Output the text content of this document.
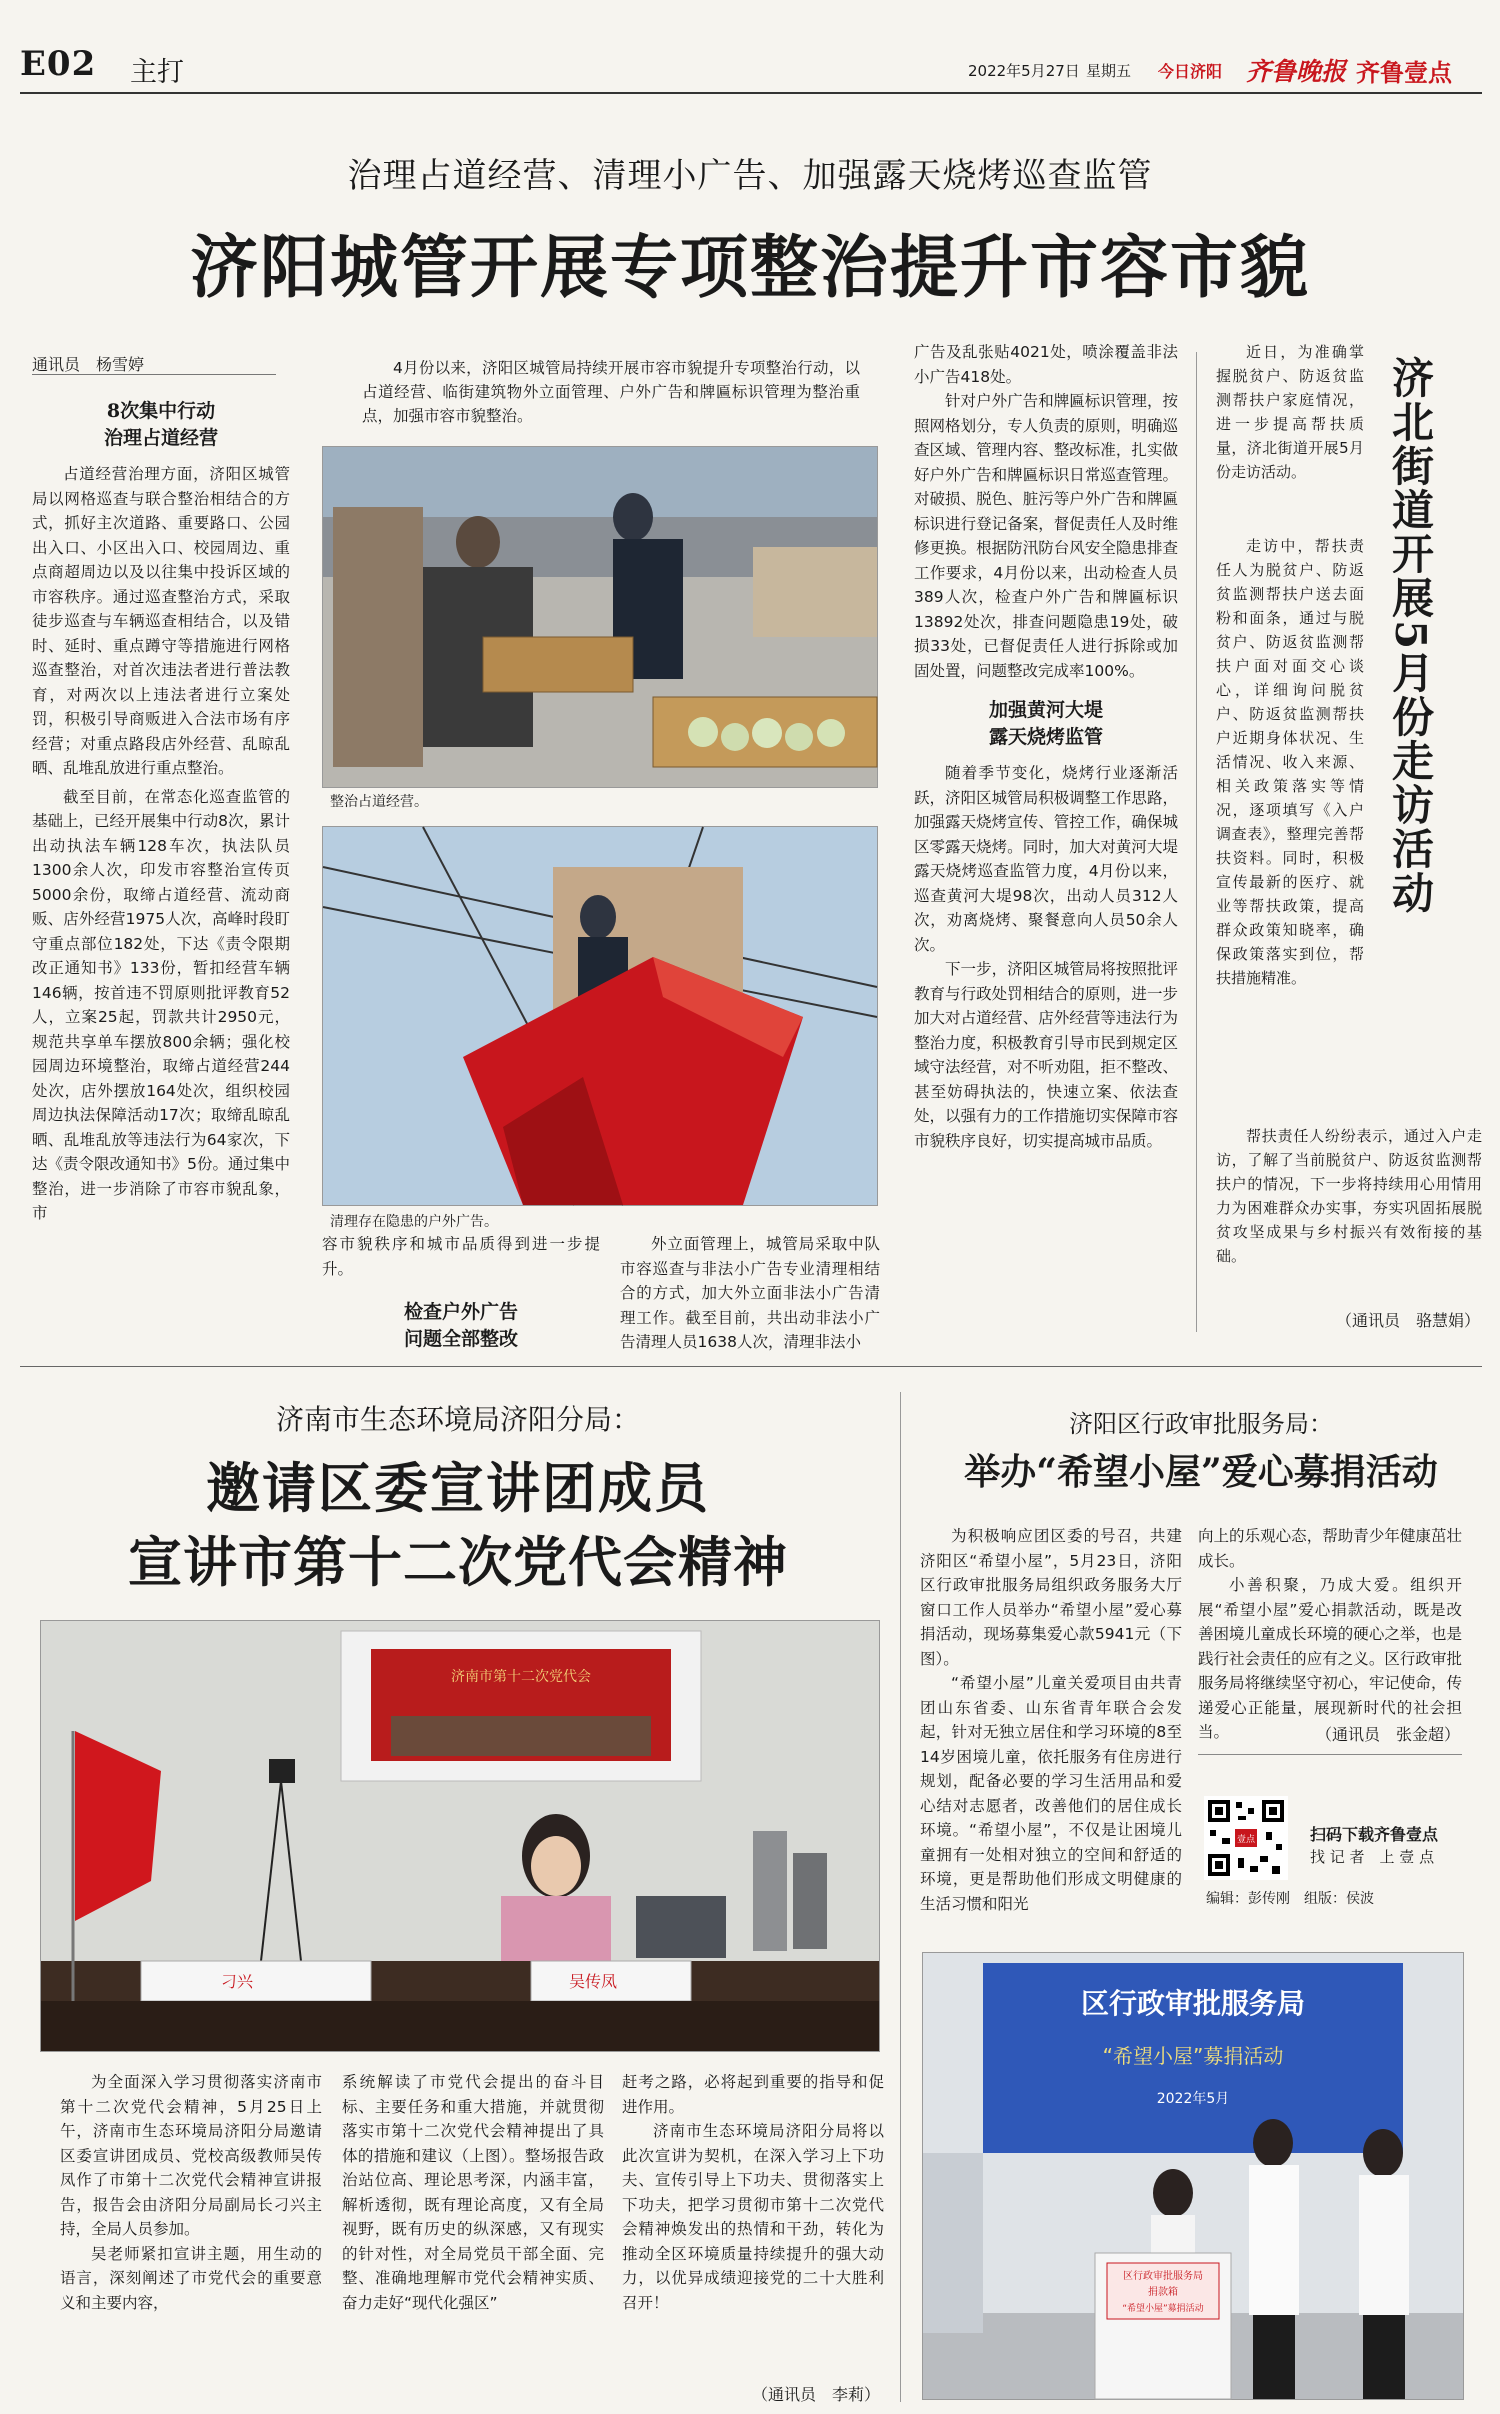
E02 主打	2022年5月27日 星期五 今日济阳 齐鲁晚报 齐鲁壹点
治理占道经营、清理小广告、加强露天烧烤巡查监管
济阳城管开展专项整治提升市容市貌
通讯员　杨雪婷
8次集中行动
治理占道经营

占道经营治理方面，济阳区城管局以网格巡查与联合整治相结合的方式，抓好主次道路、重要路口、公园出入口、小区出入口、校园周边、重点商超周边以及以往集中投诉区域的市容秩序。通过巡查整治方式，采取徒步巡查与车辆巡查相结合，以及错时、延时、重点蹲守等措施进行网格巡查整治，对首次违法者进行普法教育，对两次以上违法者进行立案处罚，积极引导商贩进入合法市场有序经营；对重点路段店外经营、乱晾乱晒、乱堆乱放进行重点整治。

截至目前，在常态化巡查监管的基础上，已经开展集中行动8次，累计出动执法车辆128车次，执法队员1300余人次，印发市容整治宣传页5000余份，取缔占道经营、流动商贩、店外经营1975人次，高峰时段盯守重点部位182处，下达《责令限期改正通知书》133份，暂扣经营车辆146辆，按首违不罚原则批评教育52人，立案25起，罚款共计2950元，规范共享单车摆放800余辆；强化校园周边环境整治，取缔占道经营244处次，店外摆放164处次，组织校园周边执法保障活动17次；取缔乱晾乱晒、乱堆乱放等违法行为64家次，下达《责令限改通知书》5份。通过集中整治，进一步消除了市容市貌乱象，市

4月份以来，济阳区城管局持续开展市容市貌提升专项整治行动，以占道经营、临街建筑物外立面管理、户外广告和牌匾标识管理为整治重点，加强市容市貌整治。
整治占道经营。
清理存在隐患的户外广告。

容市貌秩序和城市品质得到进一步提升。

检查户外广告
问题全部整改

外立面管理上，城管局采取中队市容巡查与非法小广告专业清理相结合的方式，加大外立面非法小广告清理工作。截至目前，共出动非法小广告清理人员1638人次，清理非法小

广告及乱张贴4021处，喷涂覆盖非法小广告418处。

针对户外广告和牌匾标识管理，按照网格划分，专人负责的原则，明确巡查区域、管理内容、整改标准，扎实做好户外广告和牌匾标识日常巡查管理。对破损、脱色、脏污等户外广告和牌匾标识进行登记备案，督促责任人及时维修更换。根据防汛防台风安全隐患排查工作要求，4月份以来，出动检查人员389人次，检查户外广告和牌匾标识13892处次，排查问题隐患19处，破损33处，已督促责任人进行拆除或加固处置，问题整改完成率100%。

加强黄河大堤
露天烧烤监管

随着季节变化，烧烤行业逐渐活跃，济阳区城管局积极调整工作思路，加强露天烧烤宣传、管控工作，确保城区零露天烧烤。同时，加大对黄河大堤露天烧烤巡查监管力度，4月份以来，巡查黄河大堤98次，出动人员312人次，劝离烧烤、聚餐意向人员50余人次。

下一步，济阳区城管局将按照批评教育与行政处罚相结合的原则，进一步加大对占道经营、店外经营等违法行为整治力度，积极教育引导市民到规定区域守法经营，对不听劝阻，拒不整改、甚至妨碍执法的，快速立案、依法查处，以强有力的工作措施切实保障市容市貌秩序良好，切实提高城市品质。

近日，为准确掌握脱贫户、防返贫监测帮扶户家庭情况，进一步提高帮扶质量，济北街道开展5月份走访活动。	济北街道开展5月份走访活动

走访中，帮扶责任人为脱贫户、防返贫监测帮扶户送去面粉和面条，通过与脱贫户、防返贫监测帮扶户面对面交心谈心，详细询问脱贫户、防返贫监测帮扶户近期身体状况、生活情况、收入来源、相关政策落实等情况，逐项填写《入户调查表》，整理完善帮扶资料。同时，积极宣传最新的医疗、就业等帮扶政策，提高群众政策知晓率，确保政策落实到位，帮扶措施精准。

帮扶责任人纷纷表示，通过入户走访，了解了当前脱贫户、防返贫监测帮扶户的情况，下一步将持续用心用情用力为困难群众办实事，夯实巩固拓展脱贫攻坚成果与乡村振兴有效衔接的基础。

（通讯员　骆慧娟）
济南市生态环境局济阳分局：
邀请区委宣讲团成员
宣讲市第十二次党代会精神
济南市第十二次党代会
刁兴	吴传凤

为全面深入学习贯彻落实济南市第十二次党代会精神，5月25日上午，济南市生态环境局济阳分局邀请区委宣讲团成员、党校高级教师吴传凤作了市第十二次党代会精神宣讲报告，报告会由济阳分局副局长刁兴主持，全局人员参加。

吴老师紧扣宣讲主题，用生动的语言，深刻阐述了市党代会的重要意义和主要内容，

系统解读了市党代会提出的奋斗目标、主要任务和重大措施，并就贯彻落实市第十二次党代会精神提出了具体的措施和建议（上图）。整场报告政治站位高、理论思考深，内涵丰富，解析透彻，既有理论高度，又有全局视野，既有历史的纵深感，又有现实的针对性，对全局党员干部全面、完整、准确地理解市党代会精神实质、奋力走好“现代化强区”

赶考之路，必将起到重要的指导和促进作用。

济南市生态环境局济阳分局将以此次宣讲为契机，在深入学习上下功夫、宣传引导上下功夫、贯彻落实上下功夫，把学习贯彻市第十二次党代会精神焕发出的热情和干劲，转化为推动全区环境质量持续提升的强大动力，以优异成绩迎接党的二十大胜利召开！

（通讯员　李莉）
济阳区行政审批服务局：
举办“希望小屋”爱心募捐活动

为积极响应团区委的号召，共建济阳区“希望小屋”，5月23日，济阳区行政审批服务局组织政务服务大厅窗口工作人员举办“希望小屋”爱心募捐活动，现场募集爱心款5941元（下图）。

“希望小屋”儿童关爱项目由共青团山东省委、山东省青年联合会发起，针对无独立居住和学习环境的8至14岁困境儿童，依托服务有住房进行规划，配备必要的学习生活用品和爱心结对志愿者，改善他们的居住成长环境。“希望小屋”，不仅是让困境儿童拥有一处相对独立的空间和舒适的环境，更是帮助他们形成文明健康的生活习惯和阳光

向上的乐观心态，帮助青少年健康茁壮成长。

小善积聚，乃成大爱。组织开展“希望小屋”爱心捐款活动，既是改善困境儿童成长环境的硬心之举，也是践行社会责任的应有之义。区行政审批服务局将继续坚守初心，牢记使命，传递爱心正能量，展现新时代的社会担当。	（通讯员　张金超）
壹点	扫码下载齐鲁壹点
找 记 者　上 壹 点
编辑：彭传刚　组版：侯波
区行政审批服务局
“希望小屋”募捐活动
2022年5月
区行政审批服务局
捐款箱
“希望小屋”募捐活动
